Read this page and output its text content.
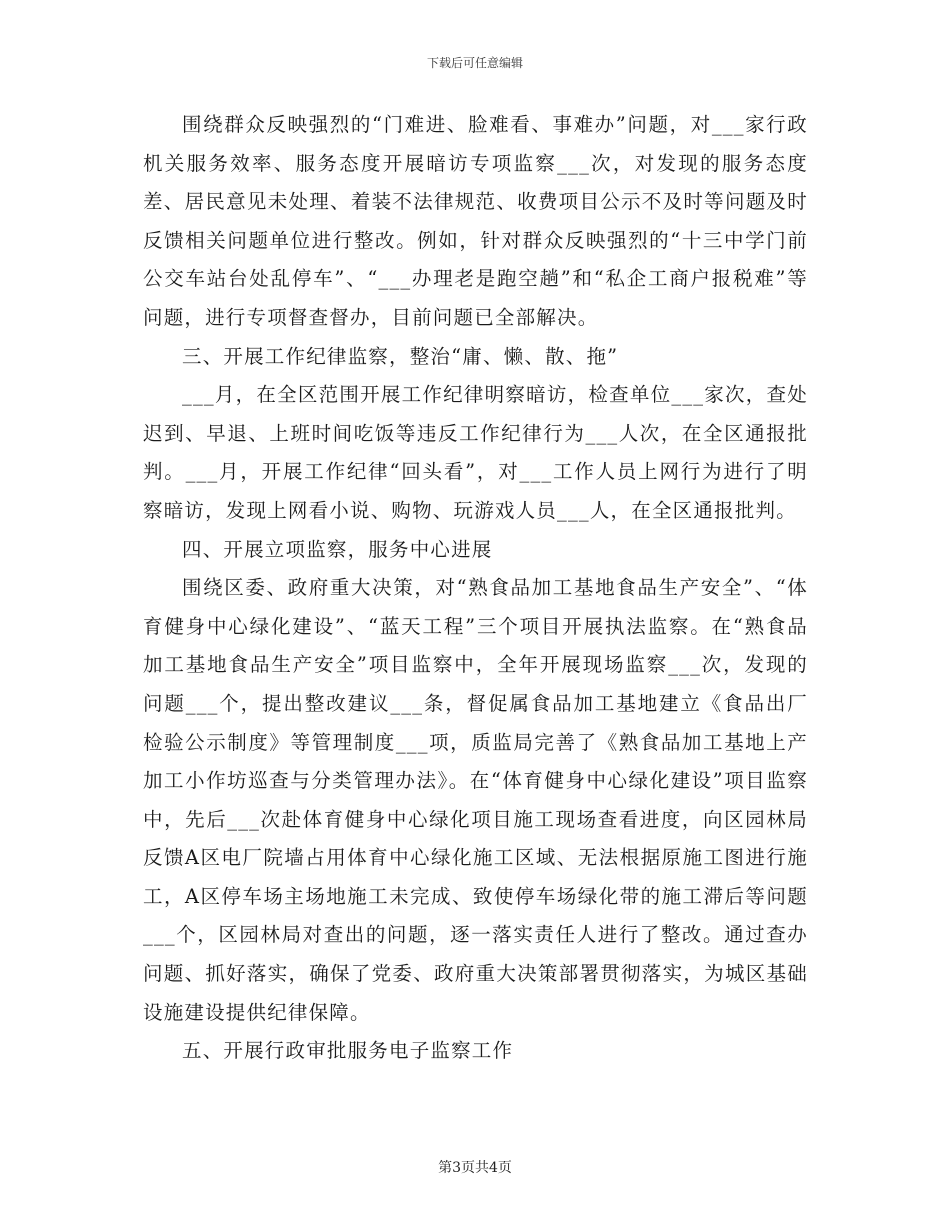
下载后可任意编辑

围绕群众反映强烈的“门难进、脸难看、事难办”问题，对___家行政机关服务效率、服务态度开展暗访专项监察___次，对发现的服务态度差、居民意见未处理、着装不法律规范、收费项目公示不及时等问题及时反馈相关问题单位进行整改。例如，针对群众反映强烈的“十三中学门前公交车站台处乱停车”、“___办理老是跑空趟”和“私企工商户报税难”等问题，进行专项督查督办，目前问题已全部解决。

三、开展工作纪律监察，整治“庸、懒、散、拖”

___月，在全区范围开展工作纪律明察暗访，检查单位___家次，查处迟到、早退、上班时间吃饭等违反工作纪律行为___人次，在全区通报批判。___月，开展工作纪律“回头看”，对___工作人员上网行为进行了明察暗访，发现上网看小说、购物、玩游戏人员___人，在全区通报批判。

四、开展立项监察，服务中心进展

围绕区委、政府重大决策，对“熟食品加工基地食品生产安全”、“体育健身中心绿化建设”、“蓝天工程”三个项目开展执法监察。在“熟食品加工基地食品生产安全”项目监察中，全年开展现场监察___次，发现的问题___个，提出整改建议___条，督促属食品加工基地建立《食品出厂检验公示制度》等管理制度___项，质监局完善了《熟食品加工基地上产加工小作坊巡查与分类管理办法》。在“体育健身中心绿化建设”项目监察中，先后___次赴体育健身中心绿化项目施工现场查看进度，向区园林局反馈A区电厂院墙占用体育中心绿化施工区域、无法根据原施工图进行施工，A区停车场主场地施工未完成、致使停车场绿化带的施工滞后等问题___个，区园林局对查出的问题，逐一落实责任人进行了整改。通过查办问题、抓好落实，确保了党委、政府重大决策部署贯彻落实，为城区基础设施建设提供纪律保障。

五、开展行政审批服务电子监察工作

第3页共4页
